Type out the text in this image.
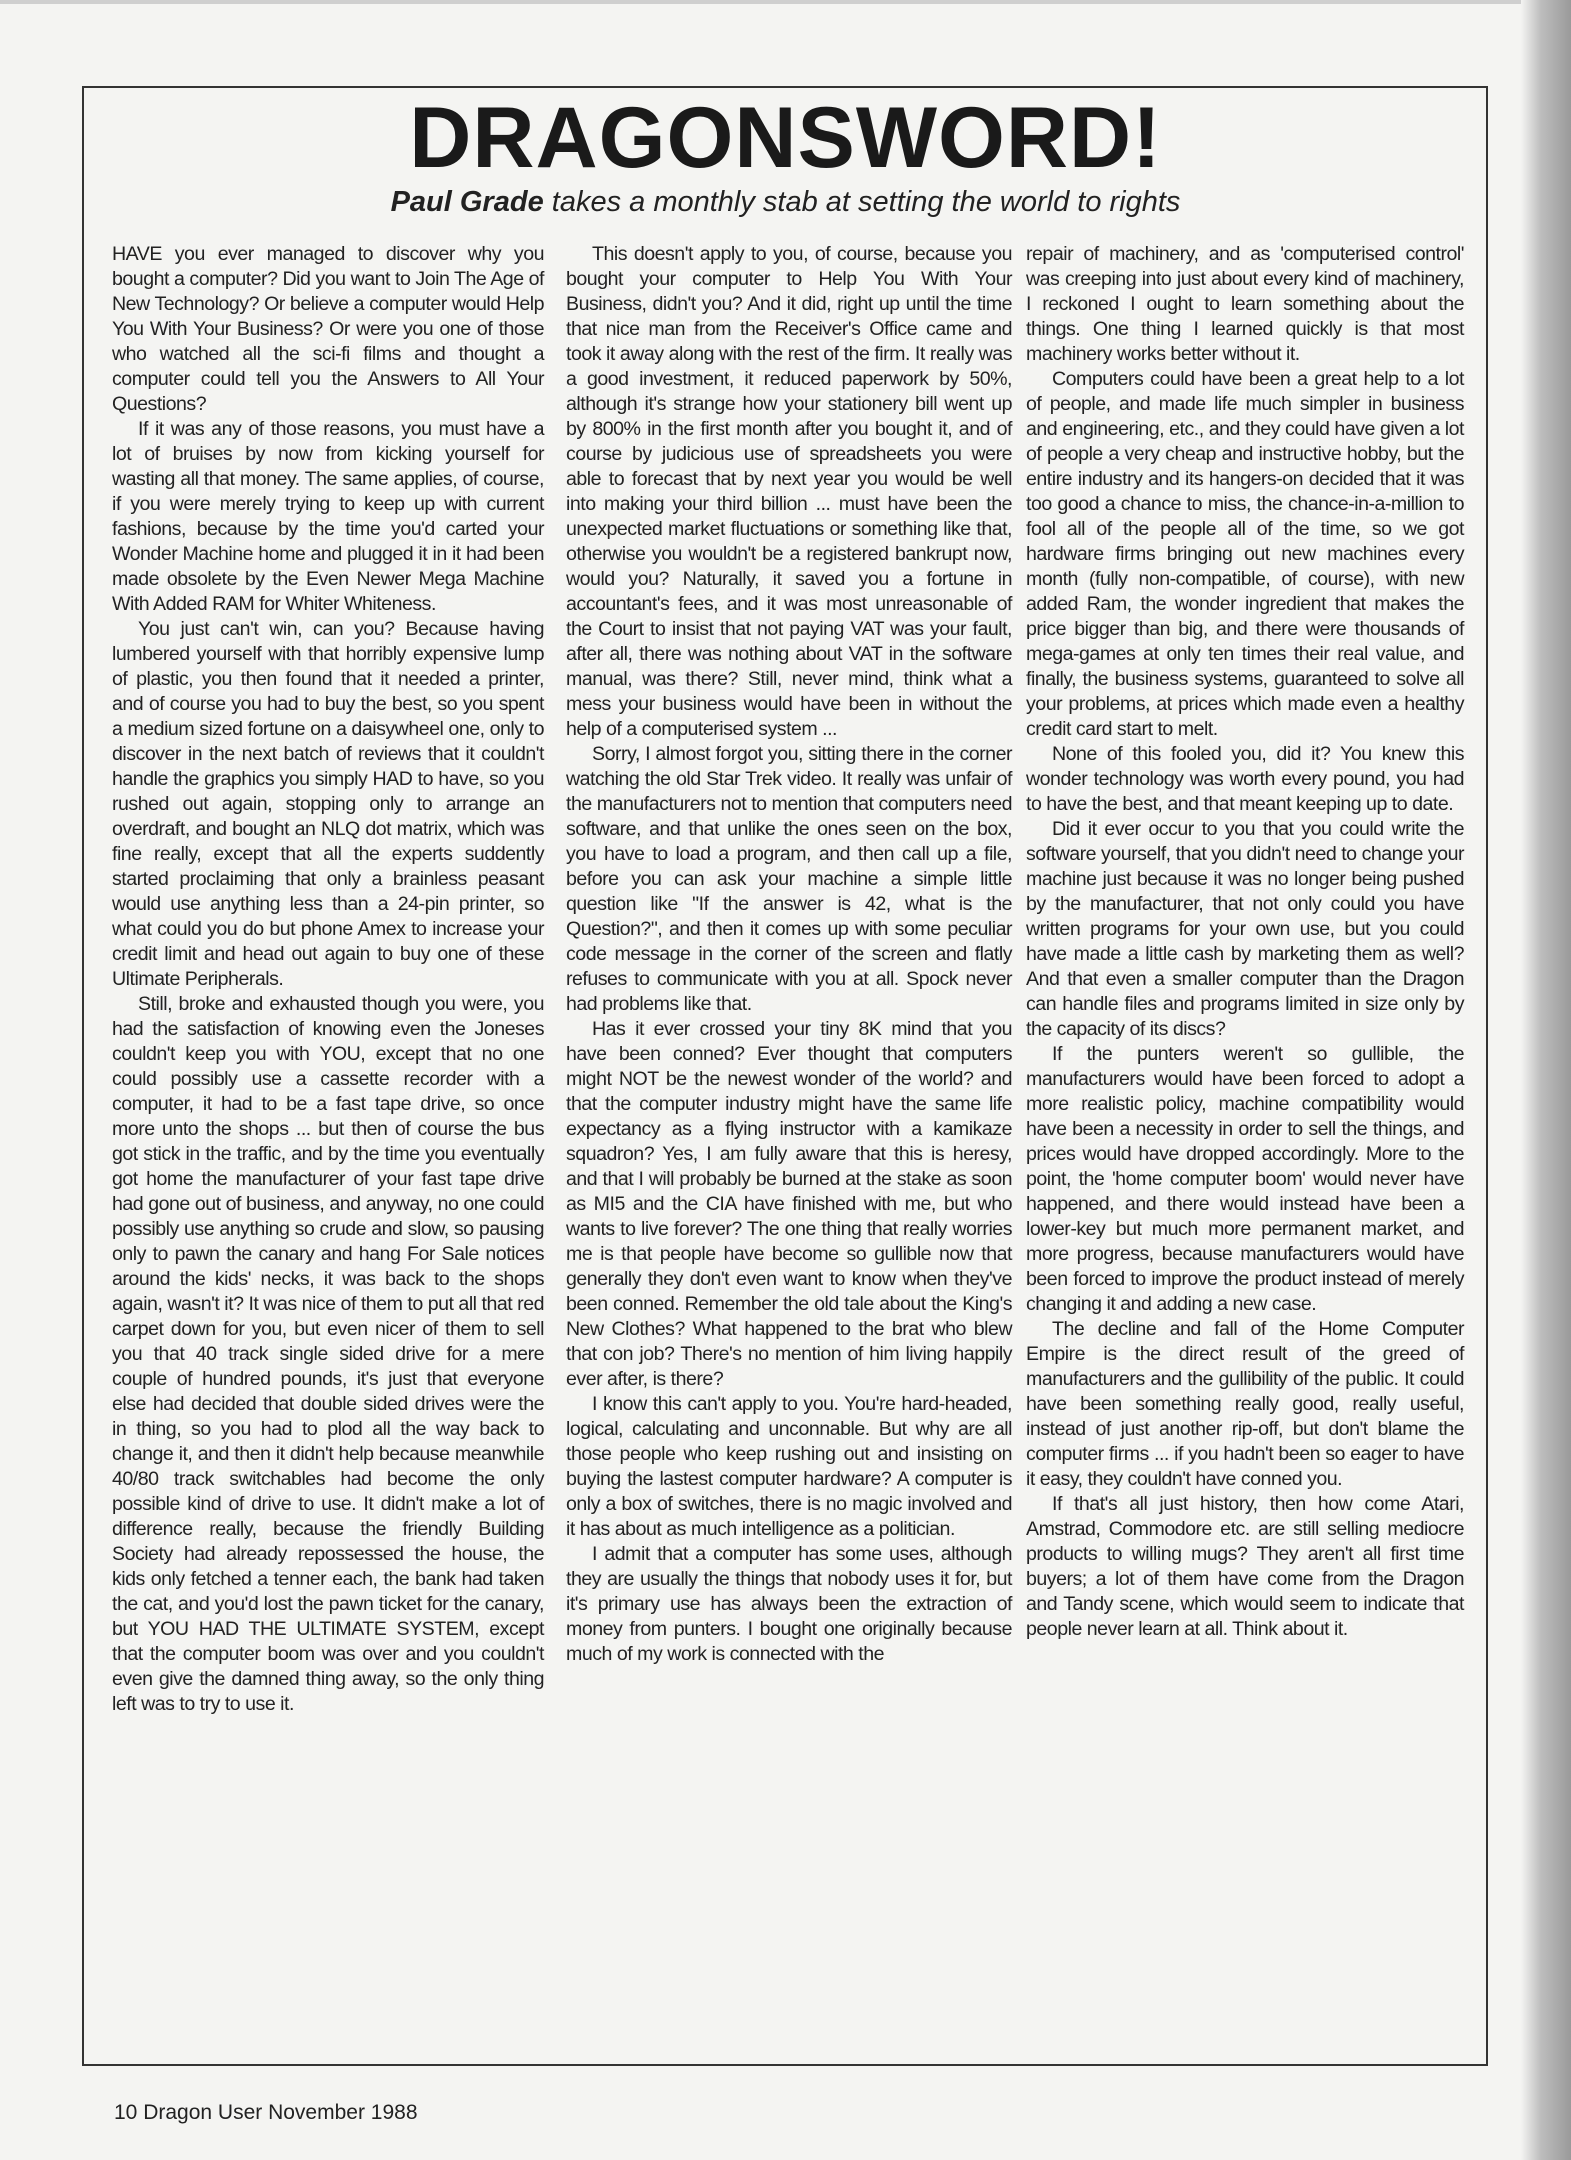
DRAGONSWORD!
Paul Grade takes a monthly stab at setting the world to rights

HAVE you ever managed to discover why you bought a computer? Did you want to Join The Age of New Technology? Or believe a computer would Help You With Your Business? Or were you one of those who watched all the sci-fi films and thought a computer could tell you the Answers to All Your Questions?

If it was any of those reasons, you must have a lot of bruises by now from kicking yourself for wasting all that money. The same applies, of course, if you were merely trying to keep up with current fashions, because by the time you'd carted your Wonder Machine home and plugged it in it had been made obsolete by the Even Newer Mega Machine With Added RAM for Whiter Whiteness.

You just can't win, can you? Because having lumbered yourself with that horribly expensive lump of plastic, you then found that it needed a printer, and of course you had to buy the best, so you spent a medium sized fortune on a daisywheel one, only to discover in the next batch of reviews that it couldn't handle the graphics you simply HAD to have, so you rushed out again, stopping only to arrange an overdraft, and bought an NLQ dot matrix, which was fine really, except that all the experts suddently started proclaiming that only a brainless peasant would use anything less than a 24-pin printer, so what could you do but phone Amex to increase your credit limit and head out again to buy one of these Ultimate Peripherals.

Still, broke and exhausted though you were, you had the satisfaction of knowing even the Joneses couldn't keep you with YOU, except that no one could possibly use a cassette recorder with a computer, it had to be a fast tape drive, so once more unto the shops ... but then of course the bus got stick in the traffic, and by the time you eventually got home the manufacturer of your fast tape drive had gone out of business, and anyway, no one could possibly use anything so crude and slow, so pausing only to pawn the canary and hang For Sale notices around the kids' necks, it was back to the shops again, wasn't it? It was nice of them to put all that red carpet down for you, but even nicer of them to sell you that 40 track single sided drive for a mere couple of hundred pounds, it's just that everyone else had decided that double sided drives were the in thing, so you had to plod all the way back to change it, and then it didn't help because meanwhile 40/80 track switchables had become the only possible kind of drive to use. It didn't make a lot of difference really, because the friendly Building Society had already repossessed the house, the kids only fetched a tenner each, the bank had taken the cat, and you'd lost the pawn ticket for the canary, but YOU HAD THE ULTIMATE SYSTEM, except that the computer boom was over and you couldn't even give the damned thing away, so the only thing left was to try to use it.

This doesn't apply to you, of course, because you bought your computer to Help You With Your Business, didn't you? And it did, right up until the time that nice man from the Receiver's Office came and took it away along with the rest of the firm. It really was a good investment, it reduced paperwork by 50%, although it's strange how your stationery bill went up by 800% in the first month after you bought it, and of course by judicious use of spreadsheets you were able to forecast that by next year you would be well into making your third billion ... must have been the unexpected market fluctuations or something like that, otherwise you wouldn't be a registered bankrupt now, would you? Naturally, it saved you a fortune in accountant's fees, and it was most unreasonable of the Court to insist that not paying VAT was your fault, after all, there was nothing about VAT in the software manual, was there? Still, never mind, think what a mess your business would have been in without the help of a computerised system ...

Sorry, I almost forgot you, sitting there in the corner watching the old Star Trek video. It really was unfair of the manufacturers not to mention that computers need software, and that unlike the ones seen on the box, you have to load a program, and then call up a file, before you can ask your machine a simple little question like "If the answer is 42, what is the Question?", and then it comes up with some peculiar code message in the corner of the screen and flatly refuses to communicate with you at all. Spock never had problems like that.

Has it ever crossed your tiny 8K mind that you have been conned? Ever thought that computers might NOT be the newest wonder of the world? and that the computer industry might have the same life expectancy as a flying instructor with a kamikaze squadron? Yes, I am fully aware that this is heresy, and that I will probably be burned at the stake as soon as MI5 and the CIA have finished with me, but who wants to live forever? The one thing that really worries me is that people have become so gullible now that generally they don't even want to know when they've been conned. Remember the old tale about the King's New Clothes? What happened to the brat who blew that con job? There's no mention of him living happily ever after, is there?

I know this can't apply to you. You're hard-headed, logical, calculating and unconnable. But why are all those people who keep rushing out and insisting on buying the lastest computer hardware? A computer is only a box of switches, there is no magic involved and it has about as much intelligence as a politician.

I admit that a computer has some uses, although they are usually the things that nobody uses it for, but it's primary use has always been the extraction of money from punters. I bought one originally because much of my work is connected with the

repair of machinery, and as 'computerised control' was creeping into just about every kind of machinery, I reckoned I ought to learn something about the things. One thing I learned quickly is that most machinery works better without it.

Computers could have been a great help to a lot of people, and made life much simpler in business and engineering, etc., and they could have given a lot of people a very cheap and instructive hobby, but the entire industry and its hangers-on decided that it was too good a chance to miss, the chance-in-a-million to fool all of the people all of the time, so we got hardware firms bringing out new machines every month (fully non-compatible, of course), with new added Ram, the wonder ingredient that makes the price bigger than big, and there were thousands of mega-games at only ten times their real value, and finally, the business systems, guaranteed to solve all your problems, at prices which made even a healthy credit card start to melt.

None of this fooled you, did it? You knew this wonder technology was worth every pound, you had to have the best, and that meant keeping up to date.

Did it ever occur to you that you could write the software yourself, that you didn't need to change your machine just because it was no longer being pushed by the manufacturer, that not only could you have written programs for your own use, but you could have made a little cash by marketing them as well? And that even a smaller computer than the Dragon can handle files and programs limited in size only by the capacity of its discs?

If the punters weren't so gullible, the manufacturers would have been forced to adopt a more realistic policy, machine compatibility would have been a necessity in order to sell the things, and prices would have dropped accordingly. More to the point, the 'home computer boom' would never have happened, and there would instead have been a lower-key but much more permanent market, and more progress, because manufacturers would have been forced to improve the product instead of merely changing it and adding a new case.

The decline and fall of the Home Computer Empire is the direct result of the greed of manufacturers and the gullibility of the public. It could have been something really good, really useful, instead of just another rip-off, but don't blame the computer firms ... if you hadn't been so eager to have it easy, they couldn't have conned you.

If that's all just history, then how come Atari, Amstrad, Commodore etc. are still selling mediocre products to willing mugs? They aren't all first time buyers; a lot of them have come from the Dragon and Tandy scene, which would seem to indicate that people never learn at all. Think about it.

10 Dragon User November 1988
